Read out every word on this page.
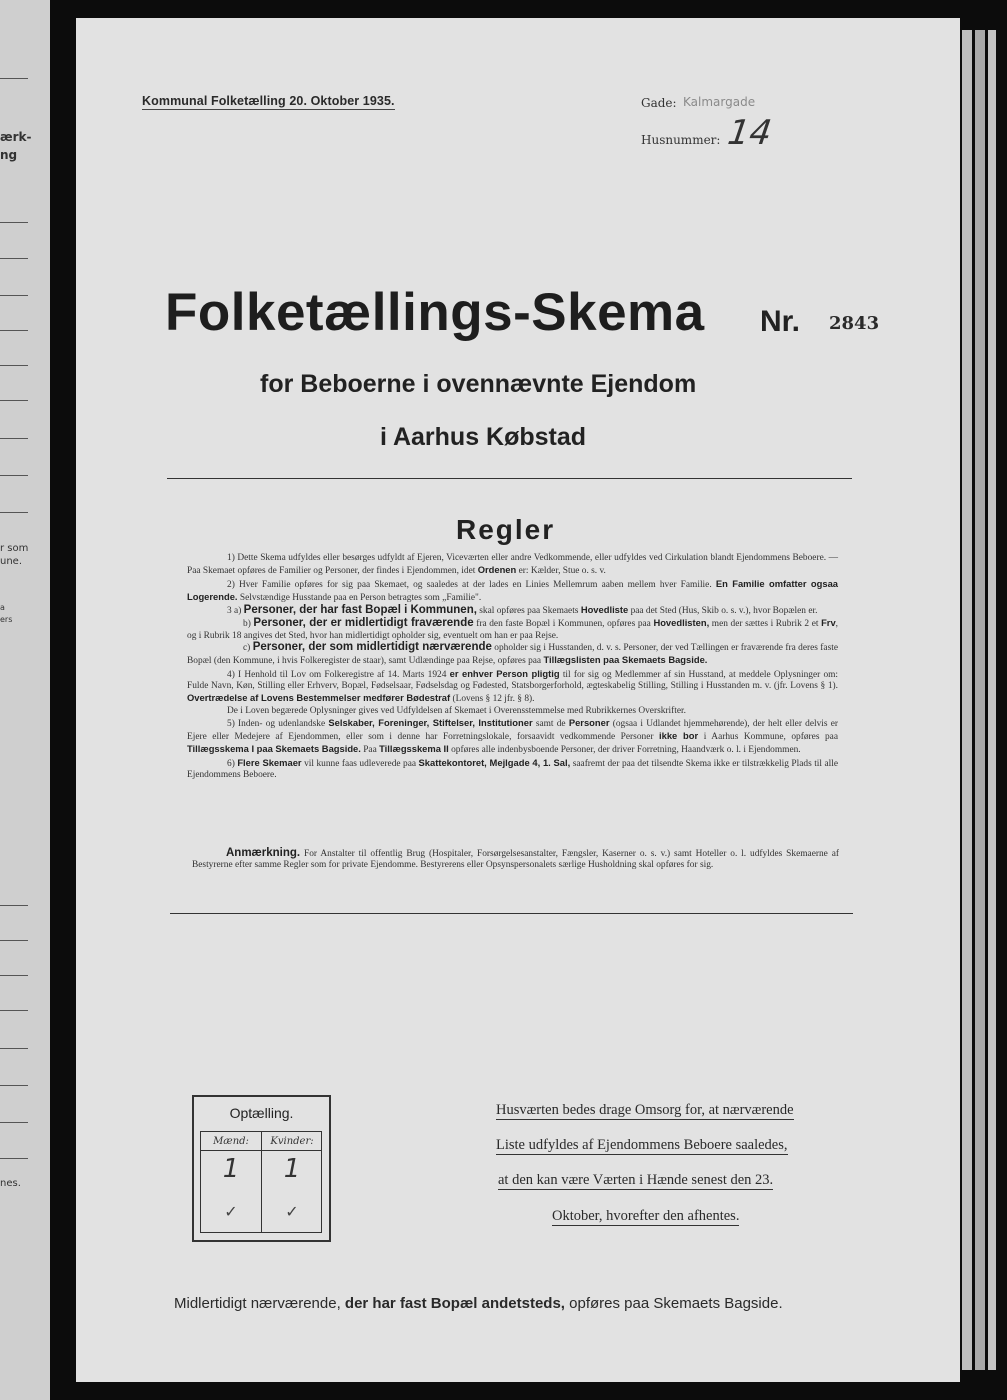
ærk-
ng
r som
une.
a
ers
nes.
Kommunal Folketælling 20. Oktober 1935.	Gade: Kalmargade
Husnummer: 14
Folketællings-Skema Nr. 2843
for Beboerne i ovennævnte Ejendom
i Aarhus Købstad
Regler

1) Dette Skema udfyldes eller besørges udfyldt af Ejeren, Viceværten eller andre Vedkommende, eller udfyldes ved Cirkulation blandt Ejendommens Beboere. — Paa Skemaet opføres de Familier og Personer, der findes i Ejendommen, idet Ordenen er: Kælder, Stue o. s. v.

2) Hver Familie opføres for sig paa Skemaet, og saaledes at der lades en Linies Mellemrum aaben mellem hver Familie. En Familie omfatter ogsaa Logerende. Selvstændige Husstande paa en Person betragtes som „Familie".

3 a) Personer, der har fast Bopæl i Kommunen, skal opføres paa Skemaets Hovedliste paa det Sted (Hus, Skib o. s. v.), hvor Bopælen er.

b) Personer, der er midlertidigt fraværende fra den faste Bopæl i Kommunen, opføres paa Hovedlisten, men der sættes i Rubrik 2 et Frv, og i Rubrik 18 angives det Sted, hvor han midlertidigt opholder sig, eventuelt om han er paa Rejse.

c) Personer, der som midlertidigt nærværende opholder sig i Husstanden, d. v. s. Personer, der ved Tællingen er fraværende fra deres faste Bopæl (den Kommune, i hvis Folkeregister de staar), samt Udlændinge paa Rejse, opføres paa Tillægslisten paa Skemaets Bagside.

4) I Henhold til Lov om Folkeregistre af 14. Marts 1924 er enhver Person pligtig til for sig og Medlemmer af sin Husstand, at meddele Oplysninger om: Fulde Navn, Køn, Stilling eller Erhverv, Bopæl, Fødselsaar, Fødselsdag og Fødested, Statsborgerforhold, ægteskabelig Stilling, Stilling i Husstanden m. v. (jfr. Lovens § 1). Overtrædelse af Lovens Bestemmelser medfører Bødestraf (Lovens § 12 jfr. § 8).

De i Loven begærede Oplysninger gives ved Udfyldelsen af Skemaet i Overensstemmelse med Rubrikkernes Overskrifter.

5) Inden- og udenlandske Selskaber, Foreninger, Stiftelser, Institutioner samt de Personer (ogsaa i Udlandet hjemmehørende), der helt eller delvis er Ejere eller Medejere af Ejendommen, eller som i denne har Forretningslokale, forsaavidt vedkommende Personer ikke bor i Aarhus Kommune, opføres paa Tillægsskema I paa Skemaets Bagside. Paa Tillægsskema II opføres alle indenbysboende Personer, der driver Forretning, Haandværk o. l. i Ejendommen.

6) Flere Skemaer vil kunne faas udleverede paa Skattekontoret, Mejlgade 4, 1. Sal, saafremt der paa det tilsendte Skema ikke er tilstrækkelig Plads til alle Ejendommens Beboere.

Anmærkning. For Anstalter til offentlig Brug (Hospitaler, Forsørgelsesanstalter, Fængsler, Kaserner o. s. v.) samt Hoteller o. l. udfyldes Skemaerne af Bestyrerne efter samme Regler som for private Ejendomme. Bestyrerens eller Opsynspersonalets særlige Husholdning skal opføres for sig.
Optælling.
Mænd:
1
✓
Kvinder:
1
✓
Husværten bedes drage Omsorg for, at nærværende
Liste udfyldes af Ejendommens Beboere saaledes,
at den kan være Værten i Hænde senest den 23.
Oktober, hvorefter den afhentes.
Midlertidigt nærværende, der har fast Bopæl andetsteds, opføres paa Skemaets Bagside.
